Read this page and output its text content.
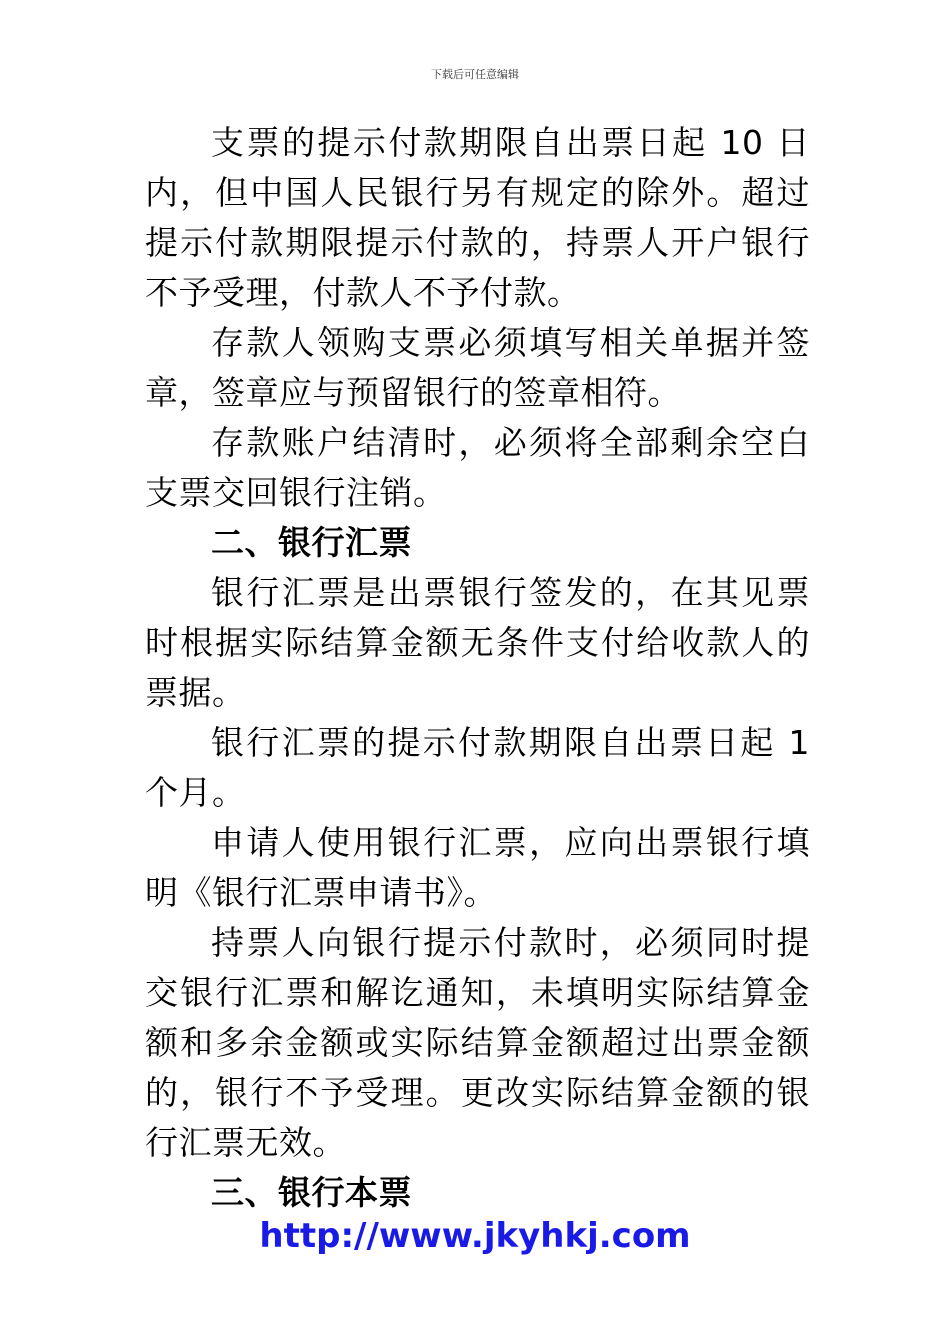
下载后可任意编辑

支票的提示付款期限自出票日起 10 日内，但中国人民银行另有规定的除外。超过提示付款期限提示付款的，持票人开户银行不予受理，付款人不予付款。

存款人领购支票必须填写相关单据并签章，签章应与预留银行的签章相符。

存款账户结清时，必须将全部剩余空白支票交回银行注销。

二、银行汇票

银行汇票是出票银行签发的，在其见票时根据实际结算金额无条件支付给收款人的票据。

银行汇票的提示付款期限自出票日起 1 个月。

申请人使用银行汇票，应向出票银行填明《银行汇票申请书》。

持票人向银行提示付款时，必须同时提交银行汇票和解讫通知，未填明实际结算金额和多余金额或实际结算金额超过出票金额的，银行不予受理。更改实际结算金额的银行汇票无效。

三、银行本票

http://www.jkyhkj.com
